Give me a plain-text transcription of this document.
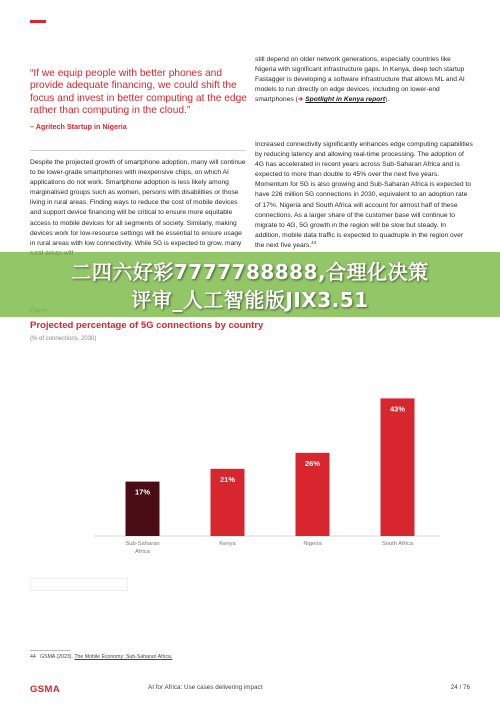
“If we equip people with better phones and provide adequate financing, we could shift the focus and invest in better computing at the edge rather than computing in the cloud.”
– Agritech Startup in Nigeria
Despite the projected growth of smartphone adoption, many will continue to be lower-grade smartphones with inexpensive chips, on which AI applications do not work. Smartphone adoption is less likely among marginalised groups such as women, persons with disabilities or those living in rural areas. Finding ways to reduce the cost of mobile devices and support device financing will be critical to ensure more equitable access to mobile devices for all segments of society. Similarly, making devices work for low-resource settings will be essential to ensure usage in rural areas with low connectivity. While 5G is expected to grow, many
still depend on older network generations, especially countries like Nigeria with significant infrastructure gaps. In Kenya, deep tech startup Fastagger is developing a software infrastructure that allows ML and AI models to run directly on edge devices, including on lower-end smartphones (➔ Spotlight in Kenya report).
Increased connectivity significantly enhances edge computing capabilities by reducing latency and allowing real-time processing. The adoption of 4G has accelerated in recent years across Sub-Saharan Africa and is expected to more than double to 45% over the next five years. Momentum for 5G is also growing and Sub-Saharan Africa is expected to have 226 million 5G connections in 2030, equivalent to an adoption rate of 17%. Nigeria and South Africa will account for almost half of these connections. As a larger share of the customer base will continue to migrate to 4G, 5G growth in the region will be slow but steady. In addition, mobile data traffic is expected to quadruple in the region over the next five years.$^{44}$
Projected percentage of 5G connections by country
(% of connections, 2030)
17%
Sub-Saharan
Africa
21%
Kenya
26%
Nigeria
43%
South Africa
二四六好彩7777788888,合理化决策
评审_人工智能版JIX3.51
44 GSMA (2023). The Mobile Economy: Sub-Saharan Africa.
GSMA	AI for Africa: Use cases delivering impact	24 / 76
